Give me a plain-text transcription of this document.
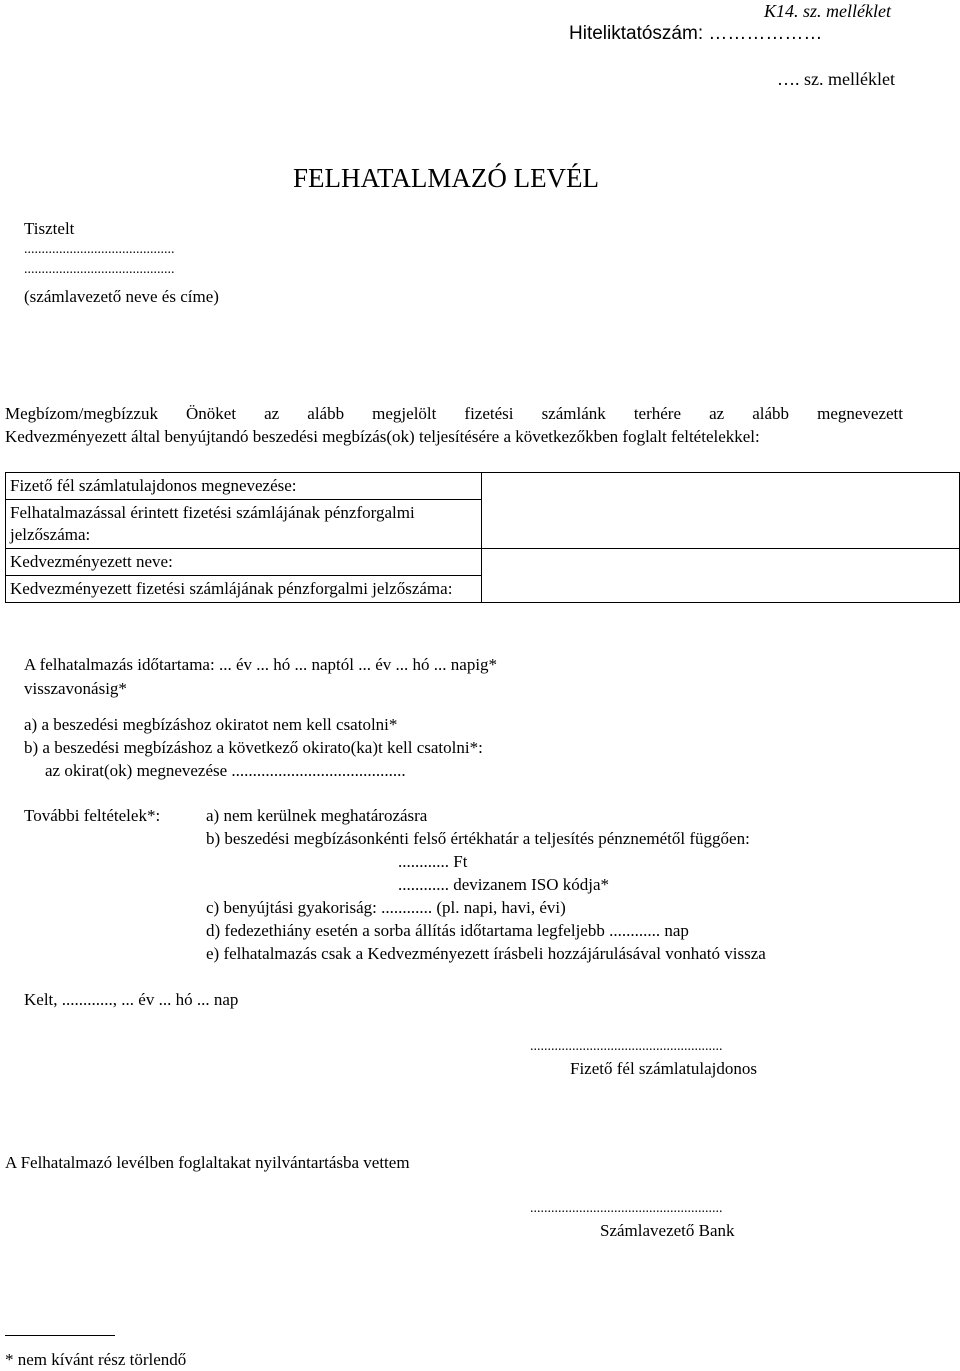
K14. sz. melléklet
Hiteliktatószám: ………………
…. sz. melléklet
FELHATALMAZÓ LEVÉL
Tisztelt
...........................................
...........................................
(számlavezető neve és címe)
Megbízom/megbízzuk Önöket az alább megjelölt fizetési számlánk terhére az alább megnevezett
Kedvezményezett által benyújtandó beszedési megbízás(ok) teljesítésére a következőkben foglalt feltételekkel:
Fizető fél számlatulajdonos megnevezése:	
Felhatalmazással érintett fizetési számlájának pénzforgalmi jelzőszáma:	
Kedvezményezett neve:	
Kedvezményezett fizetési számlájának pénzforgalmi jelzőszáma:	
A felhatalmazás időtartama: ... év ... hó ... naptól ... év ... hó ... napig*
visszavonásig*
a) a beszedési megbízáshoz okiratot nem kell csatolni*
b) a beszedési megbízáshoz a következő okirato(ka)t kell csatolni*:
az okirat(ok) megnevezése .........................................
További feltételek*:	a) nem kerülnek meghatározásra
b) beszedési megbízásonkénti felső értékhatár a teljesítés pénznemétől függően:
............ Ft
............ devizanem ISO kódja*
c) benyújtási gyakoriság: ............ (pl. napi, havi, évi)
d) fedezethiány esetén a sorba állítás időtartama legfeljebb ............ nap
e) felhatalmazás csak a Kedvezményezett írásbeli hozzájárulásával vonható vissza
Kelt, ............, ... év ... hó ... nap
.......................................................
Fizető fél számlatulajdonos
A Felhatalmazó levélben foglaltakat nyilvántartásba vettem
.......................................................
Számlavezető Bank
* nem kívánt rész törlendő
